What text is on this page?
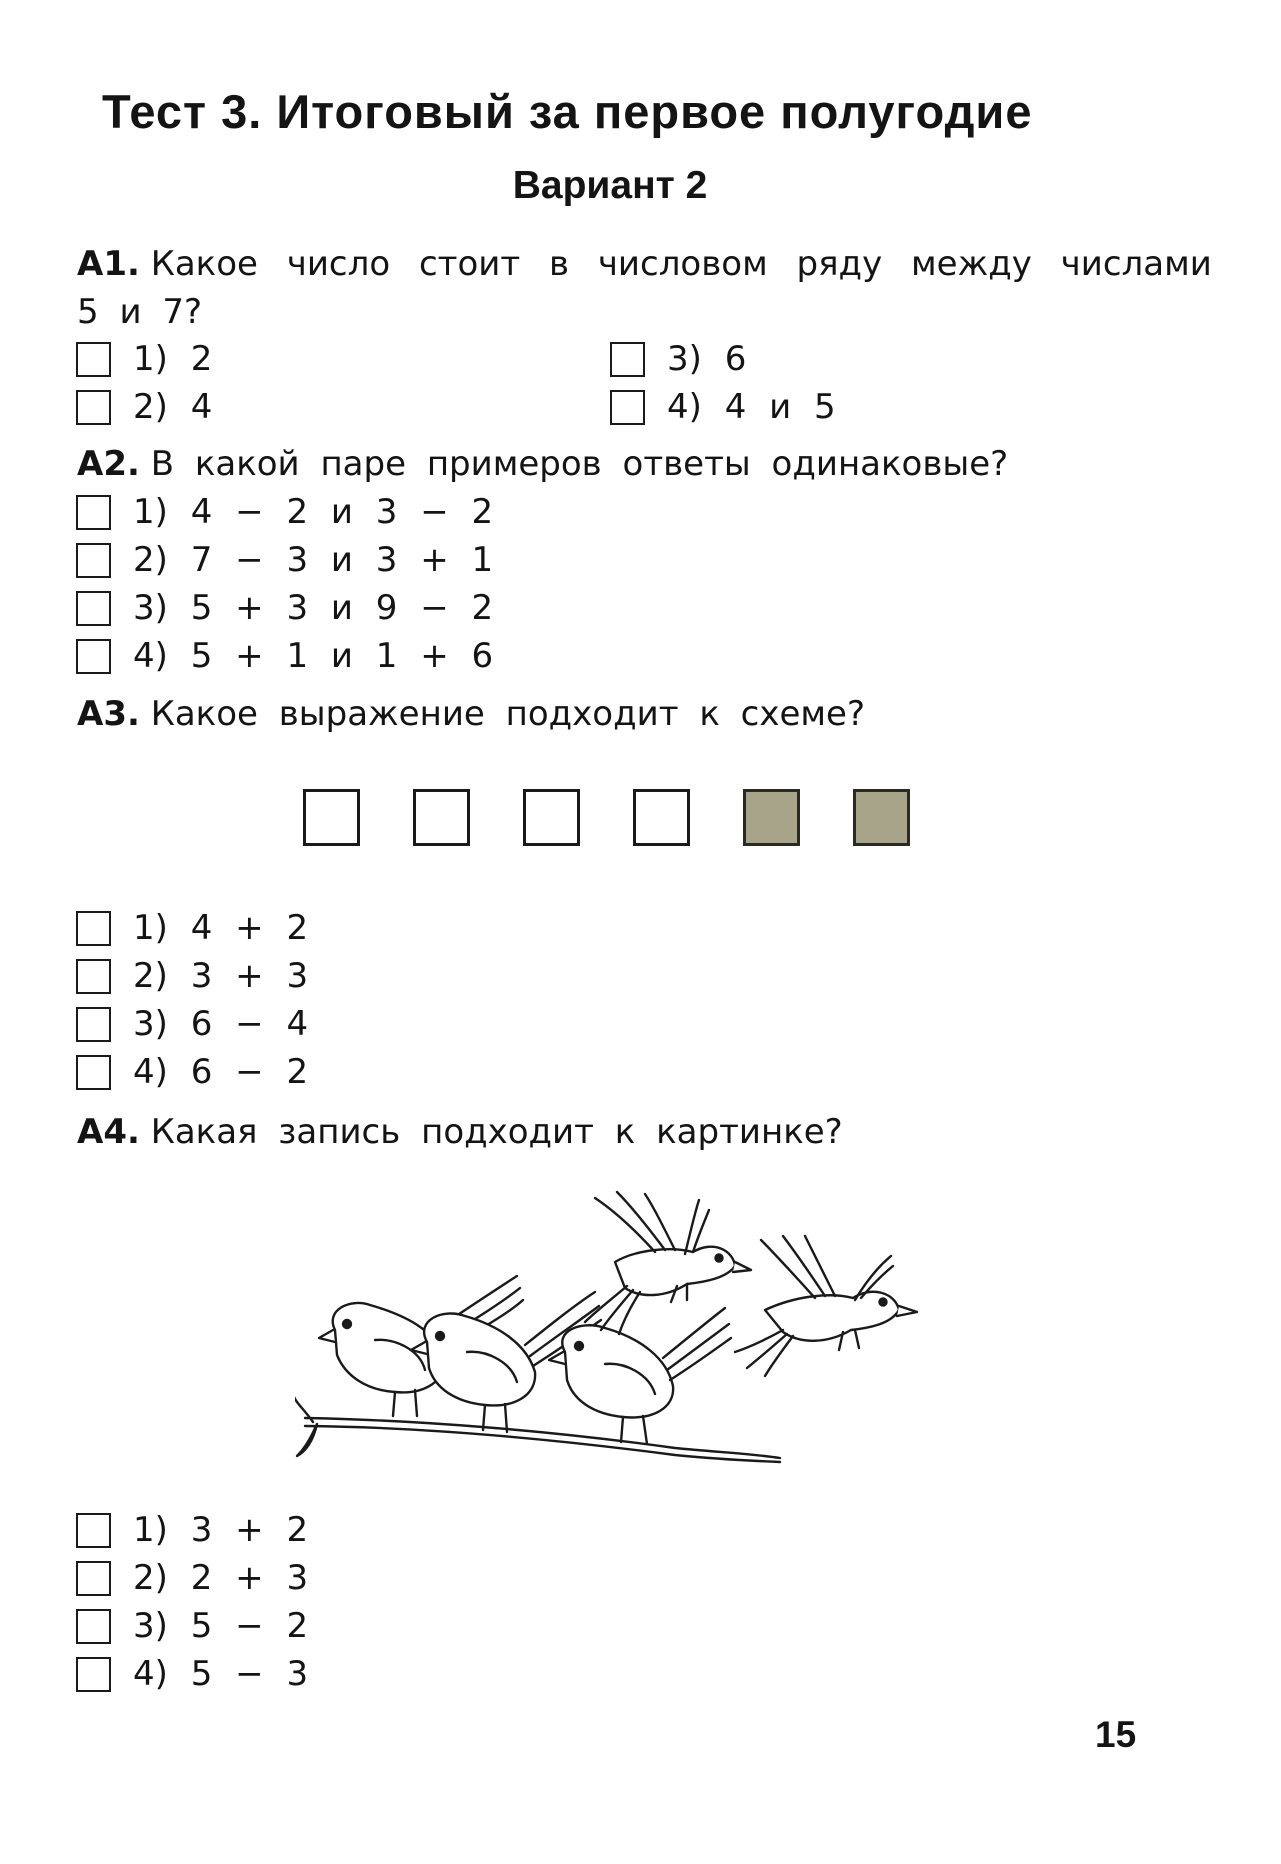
Тест 3. Итоговый за первое полугодие
Вариант 2
A1. Какое число стоит в числовом ряду между числами
5 и 7?
1) 2
2) 4
3) 6
4) 4 и 5
A2. В какой паре примеров ответы одинаковые?
1) 4 − 2 и 3 − 2
2) 7 − 3 и 3 + 1
3) 5 + 3 и 9 − 2
4) 5 + 1 и 1 + 6
A3. Какое выражение подходит к схеме?
1) 4 + 2
2) 3 + 3
3) 6 − 4
4) 6 − 2
A4. Какая запись подходит к картинке?
1) 3 + 2
2) 2 + 3
3) 5 − 2
4) 5 − 3
15
